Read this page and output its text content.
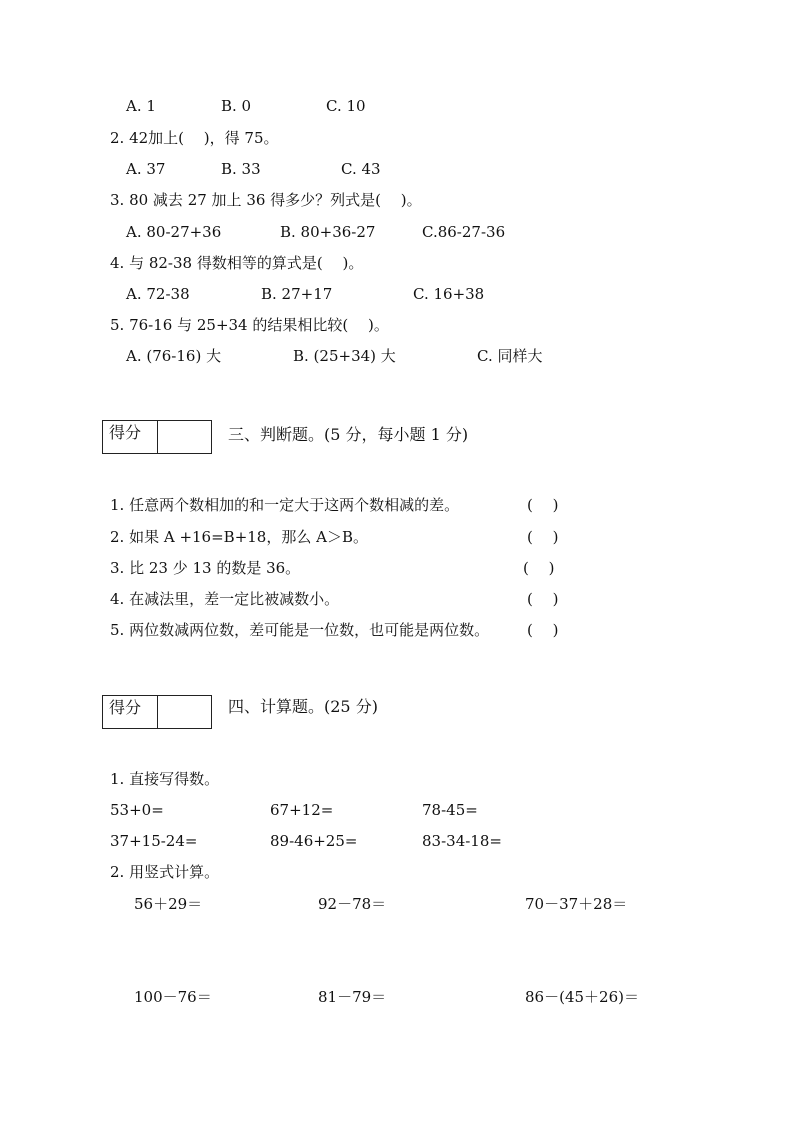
A. 1	B. 0	C. 10
2. 42加上(　 )，得 75。
A. 37	B. 33	C. 43
3. 80 减去 27 加上 36 得多少？列式是(　 )。
A. 80-27+36	B. 80+36-27	C.86-27-36
4. 与 82-38 得数相等的算式是(　 )。
A. 72-38	B. 27+17	C. 16+38
5. 76-16 与 25+34 的结果相比较(　 )。
A. (76-16) 大	B. (25+34) 大	C. 同样大
得分	三、判断题。(5 分，每小题 1 分)
1. 任意两个数相加的和一定大于这两个数相减的差。	(　 )
2. 如果 A +16=B+18，那么 A＞B。	(　 )
3. 比 23 少 13 的数是 36。	(　 )
4. 在减法里，差一定比被减数小。	(　 )
5. 两位数减两位数，差可能是一位数，也可能是两位数。	(　 )
得分	四、计算题。(25 分)
1. 直接写得数。
53+0=	67+12=	78-45=
37+15-24=	89-46+25=	83-34-18=
2. 用竖式计算。
56＋29＝	92－78＝	70－37＋28＝
100－76＝	81－79＝	86－(45＋26)＝
